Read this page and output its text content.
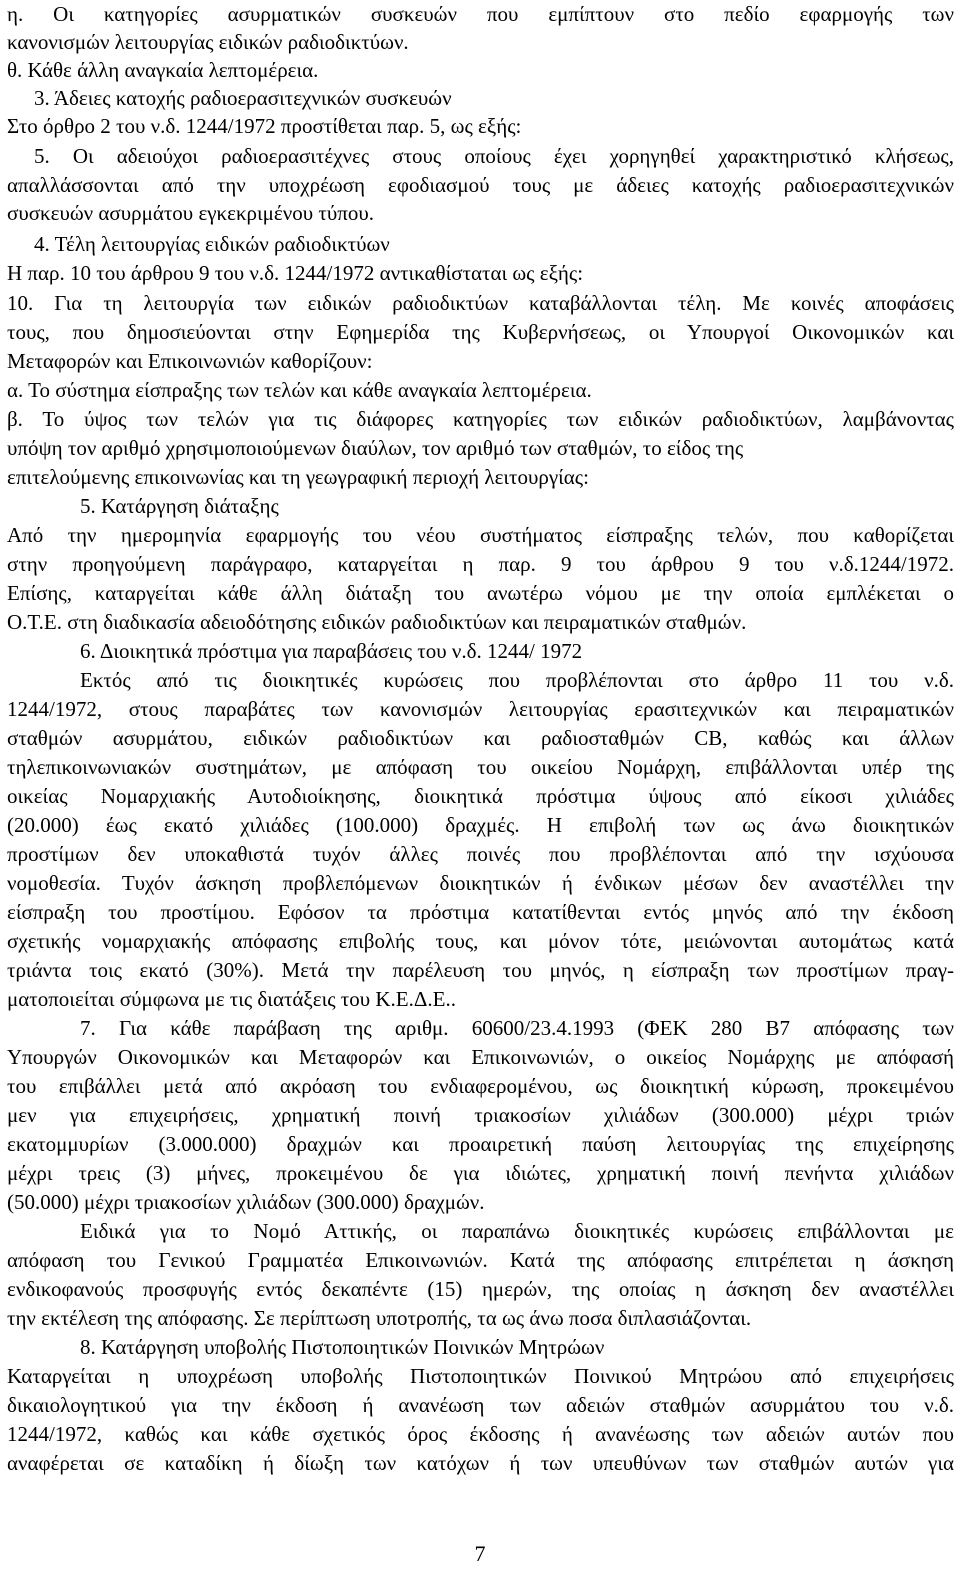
η. Οι κατηγορίες ασυρματικών συσκευών που εμπίπτουν στο πεδίο εφαρμογής των
κανονισμών λειτουργίας ειδικών ραδιοδικτύων.
θ. Κάθε άλλη αναγκαία λεπτομέρεια.
3. Άδειες κατοχής ραδιοερασιτεχνικών συσκευών
Στο όρθρο 2 του ν.δ. 1244/1972 προστίθεται παρ. 5, ως εξής:
5. Οι αδειούχοι ραδιοερασιτέχνες στους οποίους έχει χορηγηθεί χαρακτηριστικό κλήσεως,
απαλλάσσονται από την υποχρέωση εφοδιασμού τους με άδειες κατοχής ραδιοερασιτεχνικών
συσκευών ασυρμάτου εγκεκριμένου τύπου.
4. Τέλη λειτουργίας ειδικών ραδιοδικτύων
Η παρ. 10 του άρθρου 9 του ν.δ. 1244/1972 αντικαθίσταται ως εξής:
10. Για τη λειτουργία των ειδικών ραδιοδικτύων καταβάλλονται τέλη. Με κοινές αποφάσεις
τους, που δημοσιεύονται στην Εφημερίδα της Κυβερνήσεως, οι Υπουργοί Οικονομικών και
Μεταφορών και Επικοινωνιών καθορίζουν:
α. Το σύστημα είσπραξης των τελών και κάθε αναγκαία λεπτομέρεια.
β. Το ύψος των τελών για τις διάφορες κατηγορίες των ειδικών ραδιοδικτύων, λαμβάνοντας
υπόψη τον αριθμό χρησιμοποιούμενων διαύλων, τον αριθμό των σταθμών, το είδος της
επιτελούμενης επικοινωνίας και τη γεωγραφική περιοχή λειτουργίας:
5. Κατάργηση διάταξης
Από την ημερομηνία εφαρμογής του νέου συστήματος είσπραξης τελών, που καθορίζεται
στην προηγούμενη παράγραφο, καταργείται η παρ. 9 του άρθρου 9 του ν.δ.1244/1972.
Επίσης, καταργείται κάθε άλλη διάταξη του ανωτέρω νόμου με την οποία εμπλέκεται ο
Ο.Τ.Ε. στη διαδικασία αδειοδότησης ειδικών ραδιοδικτύων και πειραματικών σταθμών.
6. Διοικητικά πρόστιμα για παραβάσεις του ν.δ. 1244/ 1972
Εκτός από τις διοικητικές κυρώσεις που προβλέπονται στο άρθρο 11 του ν.δ.
1244/1972, στους παραβάτες των κανονισμών λειτουργίας ερασιτεχνικών και πειραματικών
σταθμών ασυρμάτου, ειδικών ραδιοδικτύων και ραδιοσταθμών CB, καθώς και άλλων
τηλεπικοινωνιακών συστημάτων, με απόφαση του οικείου Νομάρχη, επιβάλλονται υπέρ της
οικείας Νομαρχιακής Αυτοδιοίκησης, διοικητικά πρόστιμα ύψους από είκοσι χιλιάδες
(20.000) έως εκατό χιλιάδες (100.000) δραχμές. Η επιβολή των ως άνω διοικητικών
προστίμων δεν υποκαθιστά τυχόν άλλες ποινές που προβλέπονται από την ισχύουσα
νομοθεσία. Τυχόν άσκηση προβλεπόμενων διοικητικών ή ένδικων μέσων δεν αναστέλλει την
είσπραξη του προστίμου. Εφόσον τα πρόστιμα κατατίθενται εντός μηνός από την έκδοση
σχετικής νομαρχιακής απόφασης επιβολής τους, και μόνον τότε, μειώνονται αυτομάτως κατά
τριάντα τοις εκατό (30%). Μετά την παρέλευση του μηνός, η είσπραξη των προστίμων πραγ-
ματοποιείται σύμφωνα με τις διατάξεις του Κ.Ε.Δ.Ε..
7. Για κάθε παράβαση της αριθμ. 60600/23.4.1993 (ΦΕΚ 280 Β7 απόφασης των
Υπουργών Οικονομικών και Μεταφορών και Επικοινωνιών, ο οικείος Νομάρχης με απόφασή
του επιβάλλει μετά από ακρόαση του ενδιαφερομένου, ως διοικητική κύρωση, προκειμένου
μεν για επιχειρήσεις, χρηματική ποινή τριακοσίων χιλιάδων (300.000) μέχρι τριών
εκατομμυρίων (3.000.000) δραχμών και προαιρετική παύση λειτουργίας της επιχείρησης
μέχρι τρεις (3) μήνες, προκειμένου δε για ιδιώτες, χρηματική ποινή πενήντα χιλιάδων
(50.000) μέχρι τριακοσίων χιλιάδων (300.000) δραχμών.
Ειδικά για το Νομό Αττικής, οι παραπάνω διοικητικές κυρώσεις επιβάλλονται με
απόφαση του Γενικού Γραμματέα Επικοινωνιών. Κατά της απόφασης επιτρέπεται η άσκηση
ενδικοφανούς προσφυγής εντός δεκαπέντε (15) ημερών, της οποίας η άσκηση δεν αναστέλλει
την εκτέλεση της απόφασης. Σε περίπτωση υποτροπής, τα ως άνω ποσα διπλασιάζονται.
8. Κατάργηση υποβολής Πιστοποιητικών Ποινικών Μητρώων
Καταργείται η υποχρέωση υποβολής Πιστοποιητικών Ποινικού Μητρώου από επιχειρήσεις
δικαιολογητικού για την έκδοση ή ανανέωση των αδειών σταθμών ασυρμάτου του ν.δ.
1244/1972, καθώς και κάθε σχετικός όρος έκδοσης ή ανανέωσης των αδειών αυτών που
αναφέρεται σε καταδίκη ή δίωξη των κατόχων ή των υπευθύνων των σταθμών αυτών για
7
